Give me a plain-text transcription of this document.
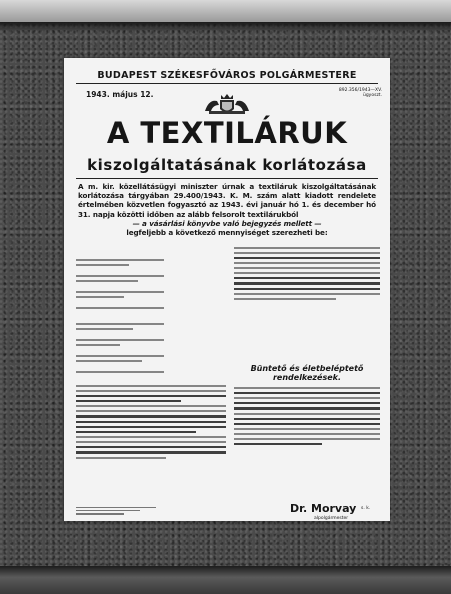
BUDAPEST SZÉKESFŐVÁROS POLGÁRMESTERE
1943. május 12.	892.356/1943—XV. ügyoszt.
A TEXTILÁRUK
kiszolgáltatásának korlátozása
A m. kir. közellátásügyi miniszter úrnak a textiláruk kiszolgáltatásának korlátozása tárgyában 29.400/1943. K. M. szám alatt kiadott rendelete értelmében közvetlen fogyasztó az 1943. évi január hó 1. és december hó 31. napja közötti időben az alább felsorolt textilárukból
— a vásárlási könyvbe való bejegyzés mellett —
legfeljebb a következő mennyiséget szerezheti be:
Büntető és életbeléptető rendelkezések.
Dr. Morvay s. k.
alpolgármester
